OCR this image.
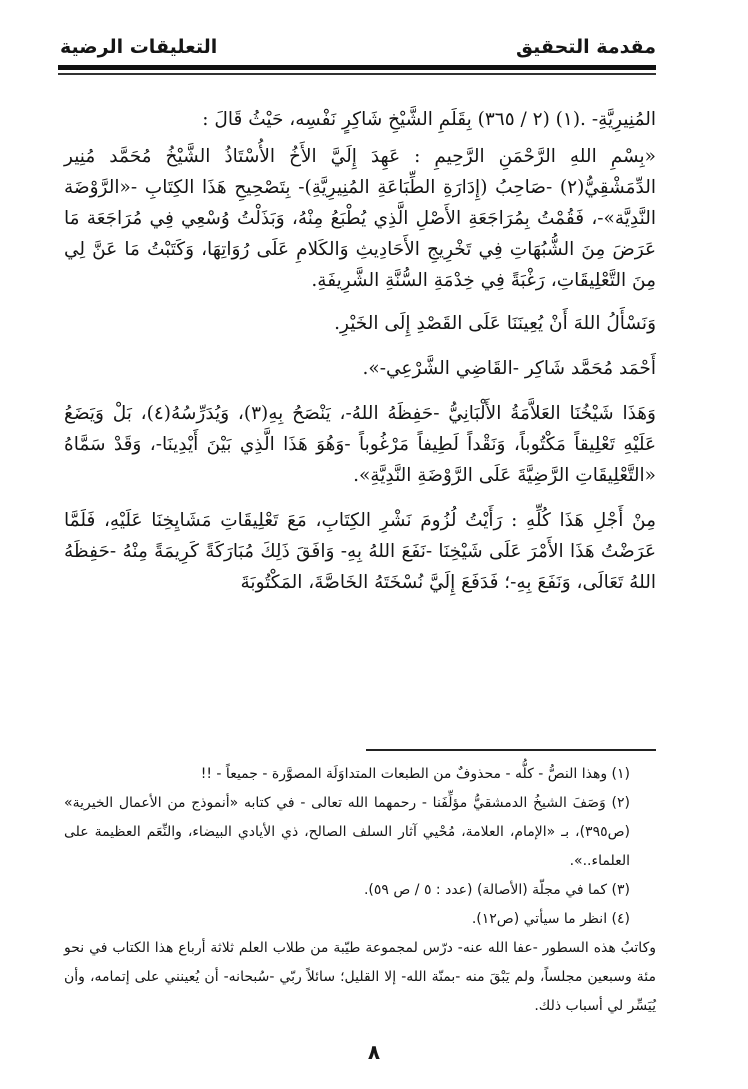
مقدمة التحقيق
التعليقات الرضية

المُنِيرِيَّةِ- .(١) (٢ / ٣٦٥) بِقَلَمِ الشَّيْخِ شَاكِرٍ نَفْسِه، حَيْثُ قَالَ :

«بِسْمِ اللهِ الرَّحْمَنِ الرَّحِيمِ : عَهِدَ إِلَيَّ الأَخُ الأُسْتَاذُ الشَّيْخُ مُحَمَّد مُنِير الدِّمَشْقِيُّ(٢) -صَاحِبُ (إِدَارَةِ الطِّبَاعَةِ المُنِيرِيَّةِ)- بِتَصْحِيحِ هَذَا الكِتَابِ -«الرَّوْضَة النَّدِيَّة»-، فَقُمْتُ بِمُرَاجَعَةِ الأَصْلِ الَّذِي يُطْبَعُ مِنْهُ، وَبَذَلْتُ وُسْعِي فِي مُرَاجَعَة مَا عَرَضَ مِنَ الشُّبُهَاتِ فِي تَخْرِيجِ الأَحَادِيثِ وَالكَلامِ عَلَى رُوَاتِهَا، وَكَتَبْتُ مَا عَنَّ لِي مِنَ التَّعْلِيقَاتِ، رَغْبَةً فِي خِدْمَةِ السُّنَّةِ الشَّرِيفَةِ.

وَنَسْأَلُ اللهَ أَنْ يُعِينَنَا عَلَى القَصْدِ إِلَى الخَيْرِ.

أَحْمَد مُحَمَّد شَاكِر -القَاضِي الشَّرْعِي-».

وَهَذَا شَيْخُنَا العَلاَّمَةُ الأَلْبَانِيُّ -حَفِظَهُ اللهُ-، يَنْصَحُ بِهِ(٣)، وَيُدَرِّسُهُ(٤)، بَلْ وَيَضَعُ عَلَيْهِ تَعْلِيقاً مَكْتُوباً، وَنَقْداً لَطِيفاً مَرْغُوباً -وَهُوَ هَذَا الَّذِي بَيْنَ أَيْدِينَا-، وَقَدْ سَمَّاهُ «التَّعْلِيقَاتِ الرَّضِيَّةَ عَلَى الرَّوْضَةِ النَّدِيَّةِ».

مِنْ أَجْلِ هَذَا كُلِّهِ : رَأَيْتُ لُزُومَ نَشْرِ الكِتَابِ، مَعَ تَعْلِيقَاتِ مَشَايِخِنَا عَلَيْهِ، فَلَمَّا عَرَضْتُ هَذَا الأَمْرَ عَلَى شَيْخِنَا -نَفَعَ اللهُ بِهِ- وَافَقَ ذَلِكَ مُبَارَكَةً كَرِيمَةً مِنْهُ -حَفِظَهُ اللهُ تَعَالَى، وَنَفَعَ بِهِ-؛ فَدَفَعَ إِلَيَّ نُسْخَتَهُ الخَاصَّةَ، المَكْتُوبَةَ

(١) وهذا النصُّ - كلُّه - محذوفٌ من الطبعات المتداوَلَة المصوَّرة - جميعاً - !!

(٢) وَصَفَ الشيخُ الدمشقيُّ مؤلِّفَنا - رحمهما الله تعالى - في كتابه «أنموذج من الأعمال الخيرية» (ص٣٩٥)، بـ «الإمام، العلامة، مُحْيي آثار السلف الصالح، ذي الأيادي البيضاء، والنِّعَم العظيمة على العلماء..».

(٣) كما في مجلّة (الأصالة) (عدد : ٥ / ص ٥٩).

(٤) انظر ما سيأتي (ص١٢).

وكاتبُ هذه السطور -عفا الله عنه- درّس لمجموعة طيّبة من طلاب العلم ثلاثة أرباع هذا الكتاب في نحو مئة وسبعين مجلساً، ولم يَبْقَ منه -بمنّة الله- إلا القليل؛ سائلاً ربّي -سُبحانه- أن يُعينني على إتمامه، وأن يُيَسِّر لي أسباب ذلك.

٨
